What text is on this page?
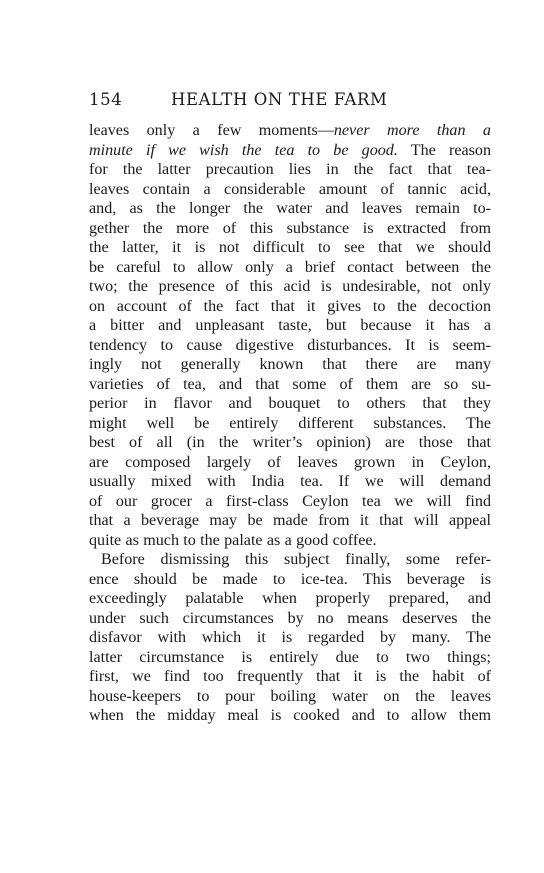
154	HEALTH ON THE FARM
leaves only a few moments—never more than a
minute if we wish the tea to be good. The reason
for the latter precaution lies in the fact that tea-
leaves contain a considerable amount of tannic acid,
and, as the longer the water and leaves remain to-
gether the more of this substance is extracted from
the latter, it is not difficult to see that we should
be careful to allow only a brief contact between the
two; the presence of this acid is undesirable, not only
on account of the fact that it gives to the decoction
a bitter and unpleasant taste, but because it has a
tendency to cause digestive disturbances. It is seem-
ingly not generally known that there are many
varieties of tea, and that some of them are so su-
perior in flavor and bouquet to others that they
might well be entirely different substances. The
best of all (in the writer’s opinion) are those that
are composed largely of leaves grown in Ceylon,
usually mixed with India tea. If we will demand
of our grocer a first-class Ceylon tea we will find
that a beverage may be made from it that will appeal
quite as much to the palate as a good coffee.
Before dismissing this subject finally, some refer-
ence should be made to ice-tea. This beverage is
exceedingly palatable when properly prepared, and
under such circumstances by no means deserves the
disfavor with which it is regarded by many. The
latter circumstance is entirely due to two things;
first, we find too frequently that it is the habit of
house-keepers to pour boiling water on the leaves
when the midday meal is cooked and to allow them
